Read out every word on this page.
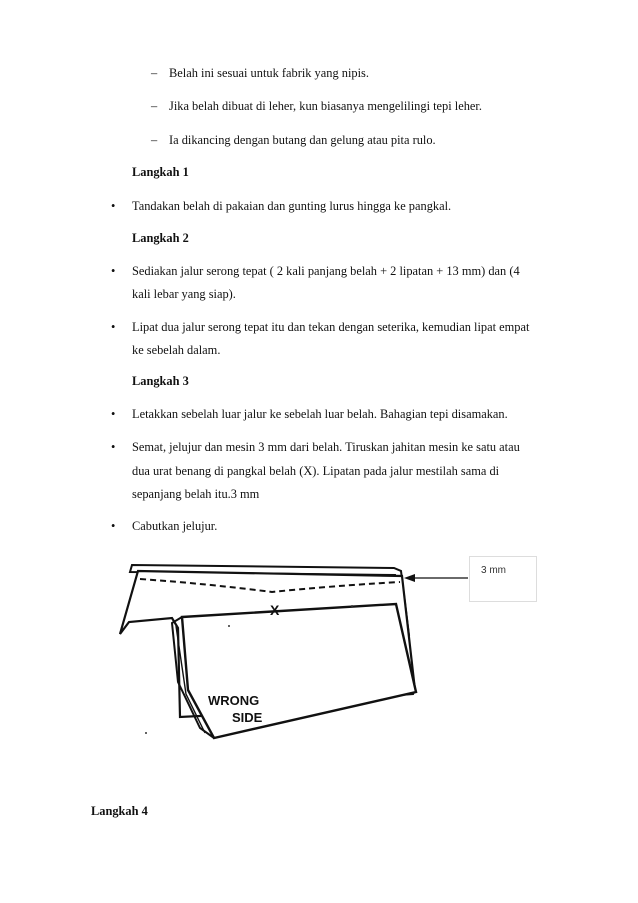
– Belah ini sesuai untuk fabrik yang nipis.
– Jika belah dibuat di leher, kun biasanya mengelilingi tepi leher.
– Ia dikancing dengan butang dan gelung atau pita rulo.
Langkah 1
• Tandakan belah di pakaian dan gunting lurus hingga ke pangkal.
Langkah 2
• Sediakan jalur serong tepat ( 2 kali panjang belah + 2 lipatan + 13 mm) dan (4
kali lebar yang siap).
• Lipat dua jalur serong tepat itu dan tekan dengan seterika, kemudian lipat empat
ke sebelah dalam.
Langkah 3
• Letakkan sebelah luar jalur ke sebelah luar belah. Bahagian tepi disamakan.
• Semat, jelujur dan mesin 3 mm dari belah. Tiruskan jahitan mesin ke satu atau
dua urat benang di pangkal belah (X). Lipatan pada jalur mestilah sama di
sepanjang belah itu.3 mm
• Cabutkan jelujur.
X
WRONG
SIDE
3 mm
Langkah 4
